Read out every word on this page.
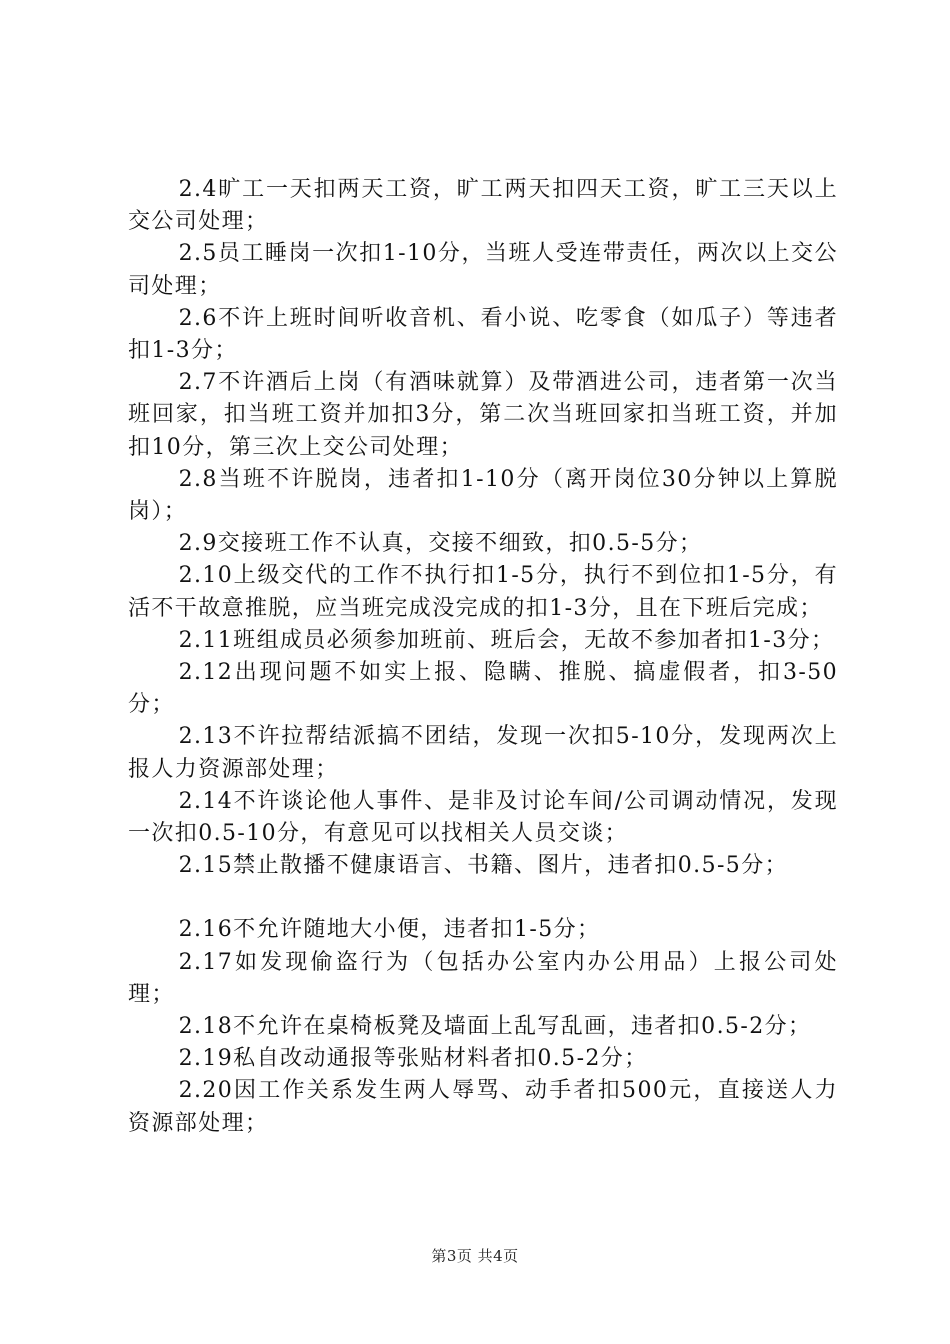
2.4旷工一天扣两天工资，旷工两天扣四天工资，旷工三天以上交公司处理；

2.5员工睡岗一次扣1-10分，当班人受连带责任，两次以上交公司处理；

2.6不许上班时间听收音机、看小说、吃零食（如瓜子）等违者扣1-3分；

2.7不许酒后上岗（有酒味就算）及带酒进公司，违者第一次当班回家，扣当班工资并加扣3分，第二次当班回家扣当班工资，并加扣10分，第三次上交公司处理；

2.8当班不许脱岗，违者扣1-10分（离开岗位30分钟以上算脱岗）；

2.9交接班工作不认真，交接不细致，扣0.5-5分；

2.10上级交代的工作不执行扣1-5分，执行不到位扣1-5分，有活不干故意推脱，应当班完成没完成的扣1-3分，且在下班后完成；

2.11班组成员必须参加班前、班后会，无故不参加者扣1-3分；

2.12出现问题不如实上报、隐瞒、推脱、搞虚假者，扣3-50分；

2.13不许拉帮结派搞不团结，发现一次扣5-10分，发现两次上报人力资源部处理；

2.14不许谈论他人事件、是非及讨论车间/公司调动情况，发现一次扣0.5-10分，有意见可以找相关人员交谈；

2.15禁止散播不健康语言、书籍、图片，违者扣0.5-5分；

2.16不允许随地大小便，违者扣1-5分；

2.17如发现偷盗行为（包括办公室内办公用品）上报公司处理；

2.18不允许在桌椅板凳及墙面上乱写乱画，违者扣0.5-2分；

2.19私自改动通报等张贴材料者扣0.5-2分；

2.20因工作关系发生两人辱骂、动手者扣500元，直接送人力资源部处理；

第3页 共4页
